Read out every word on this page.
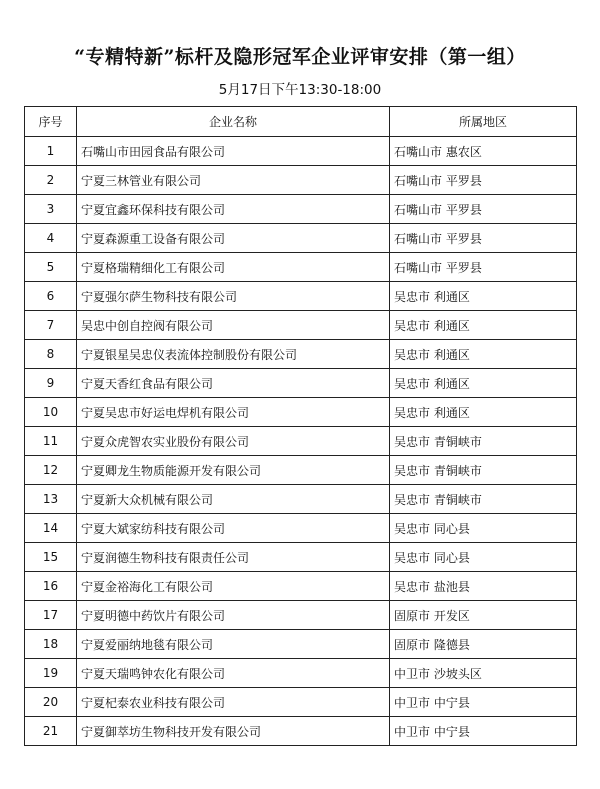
“专精特新”标杆及隐形冠军企业评审安排（第一组）
5月17日下午13:30-18:00
序号	企业名称	所属地区
1	石嘴山市田园食品有限公司	石嘴山市 惠农区
2	宁夏三林管业有限公司	石嘴山市 平罗县
3	宁夏宜鑫环保科技有限公司	石嘴山市 平罗县
4	宁夏森源重工设备有限公司	石嘴山市 平罗县
5	宁夏格瑞精细化工有限公司	石嘴山市 平罗县
6	宁夏强尔萨生物科技有限公司	吴忠市 利通区
7	吴忠中创自控阀有限公司	吴忠市 利通区
8	宁夏银星吴忠仪表流体控制股份有限公司	吴忠市 利通区
9	宁夏天香红食品有限公司	吴忠市 利通区
10	宁夏吴忠市好运电焊机有限公司	吴忠市 利通区
11	宁夏众虎智农实业股份有限公司	吴忠市 青铜峡市
12	宁夏卿龙生物质能源开发有限公司	吴忠市 青铜峡市
13	宁夏新大众机械有限公司	吴忠市 青铜峡市
14	宁夏大斌家纺科技有限公司	吴忠市 同心县
15	宁夏润德生物科技有限责任公司	吴忠市 同心县
16	宁夏金裕海化工有限公司	吴忠市 盐池县
17	宁夏明德中药饮片有限公司	固原市 开发区
18	宁夏爱丽纳地毯有限公司	固原市 隆德县
19	宁夏天瑞鸣钟农化有限公司	中卫市 沙坡头区
20	宁夏杞泰农业科技有限公司	中卫市 中宁县
21	宁夏御萃坊生物科技开发有限公司	中卫市 中宁县
